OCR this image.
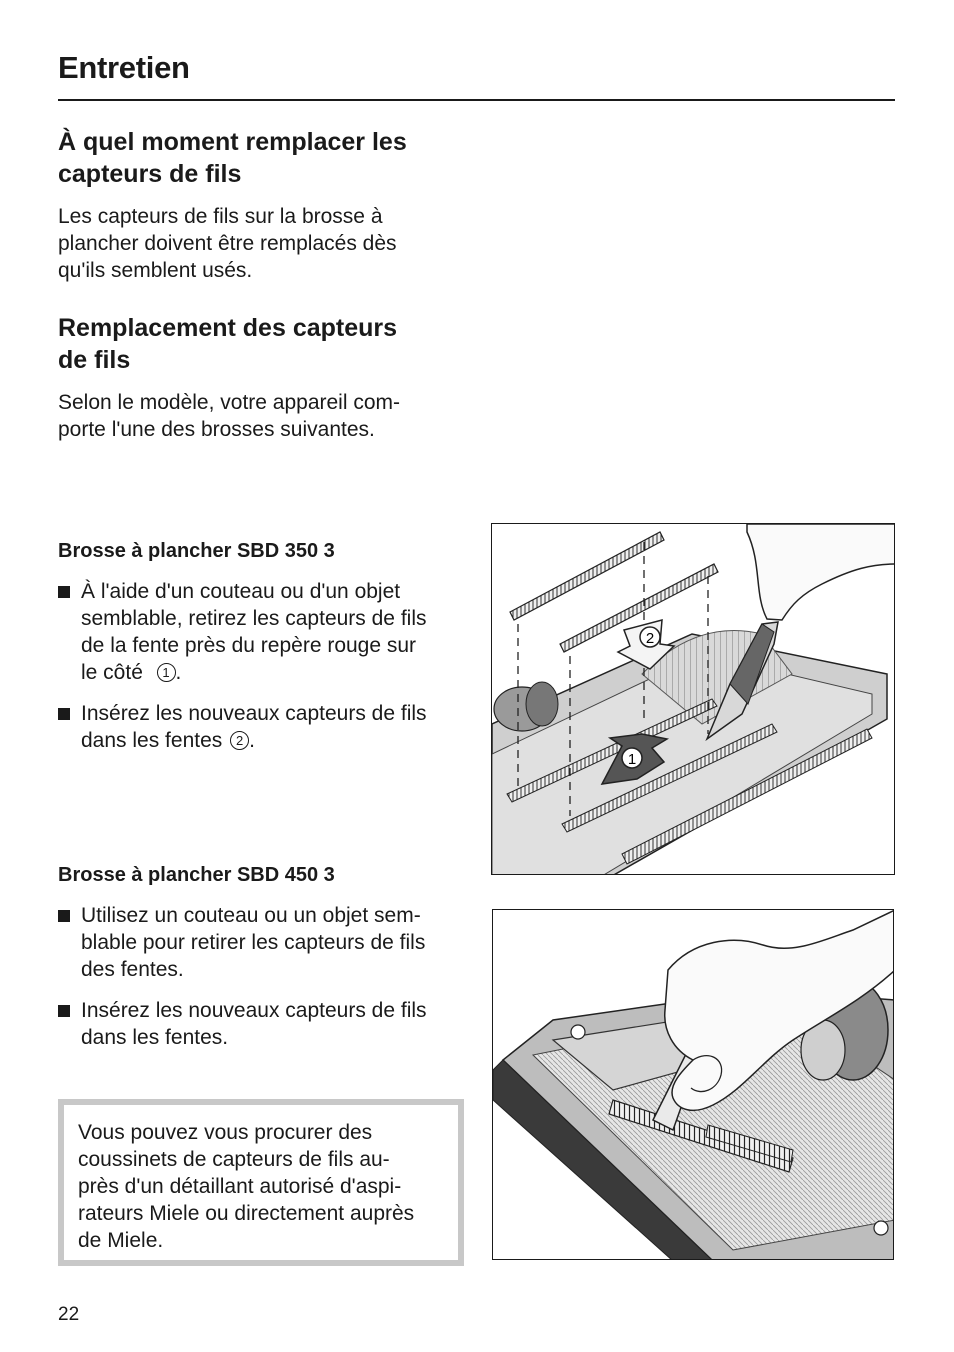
Entretien
À quel moment remplacer les
capteurs de fils
Les capteurs de fils sur la brosse à
plancher doivent être remplacés dès
qu'ils semblent usés.
Remplacement des capteurs
de fils
Selon le modèle, votre appareil com-
porte l'une des brosses suivantes.
Brosse à plancher SBD 350 3
À l'aide d'un couteau ou d'un objet
semblable, retirez les capteurs de fils
de la fente près du repère rouge sur
le côté 1 .
Insérez les nouveaux capteurs de fils
dans les fentes 2 .
2
1
Brosse à plancher SBD 450 3
Utilisez un couteau ou un objet sem-
blable pour retirer les capteurs de fils
des fentes.
Insérez les nouveaux capteurs de fils
dans les fentes.
Vous pouvez vous procurer des
coussinets de capteurs de fils au-
près d'un détaillant autorisé d'aspi-
rateurs Miele ou directement auprès
de Miele.
22
